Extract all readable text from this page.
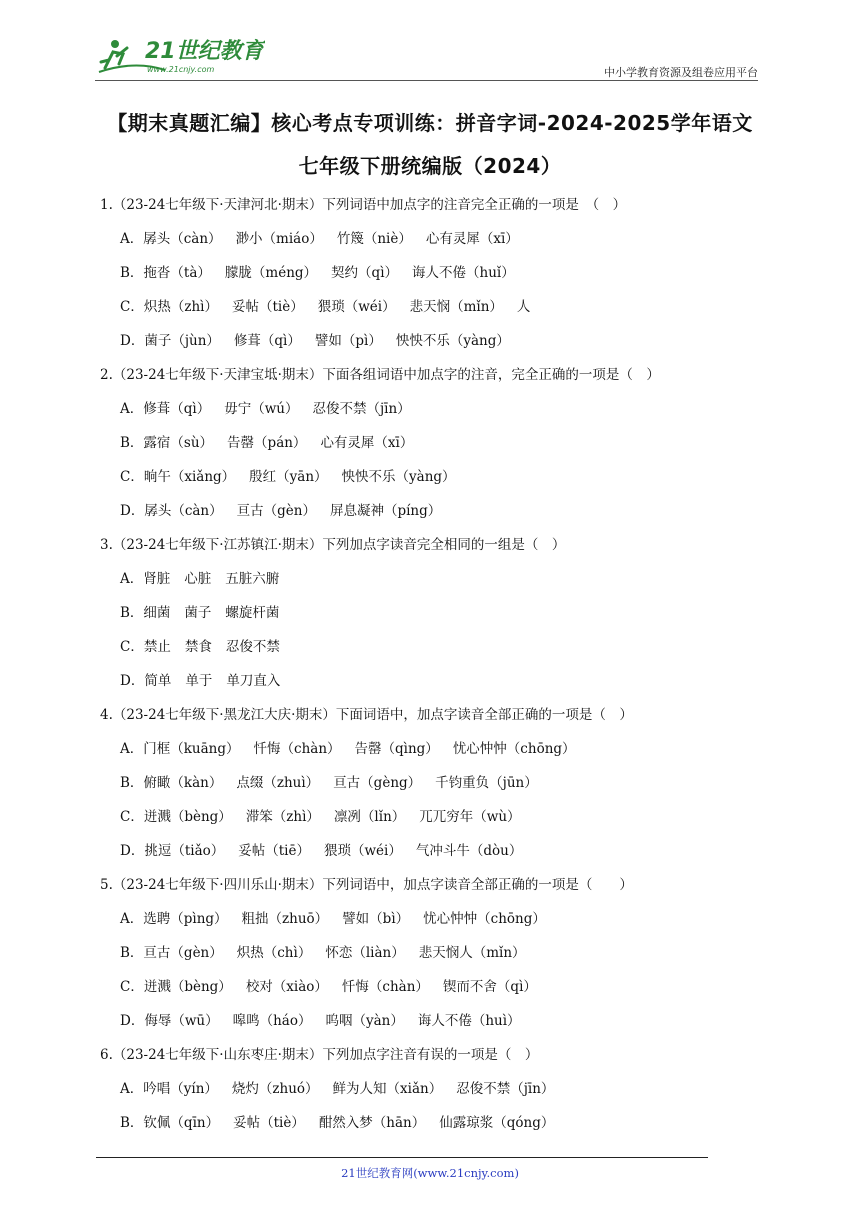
21世纪教育
www.21cnjy.com	中小学教育资源及组卷应用平台
【期末真题汇编】核心考点专项训练：拼音字词-2024-2025学年语文
七年级下册统编版（2024）
1.（23-24七年级下·天津河北·期末）下列词语中加点字的注音完全正确的一项是　（　）
A．孱头（càn） 渺小（miáo） 竹篾（niè） 心有灵犀（xī）
B．拖沓（tà） 朦胧（méng） 契约（qì） 诲人不倦（huǐ）
C．炽热（zhì） 妥帖（tiè） 猥琐（wéi） 悲天悯（mǐn） 人
D．菌子（jùn） 修葺（qì） 譬如（pì） 怏怏不乐（yàng）
2.（23-24七年级下·天津宝坻·期末）下面各组词语中加点字的注音，完全正确的一项是（　）
A．修葺（qì） 毋宁（wú） 忍俊不禁（jīn）
B．露宿（sù） 告罄（pán） 心有灵犀（xī）
C．晌午（xiǎng） 殷红（yān） 怏怏不乐（yàng）
D．孱头（càn） 亘古（gèn） 屏息凝神（píng）
3.（23-24七年级下·江苏镇江·期末）下列加点字读音完全相同的一组是（　）
A．肾脏 心脏 五脏六腑
B．细菌 菌子 螺旋杆菌
C．禁止 禁食 忍俊不禁
D．简单 单于 单刀直入
4.（23-24七年级下·黑龙江大庆·期末）下面词语中，加点字读音全部正确的一项是（　）
A．门框（kuāng） 忏悔（chàn） 告罄（qìng） 忧心忡忡（chōng）
B．俯瞰（kàn） 点缀（zhuì） 亘古（gèng） 千钧重负（jūn）
C．迸溅（bèng） 滞笨（zhì） 凛冽（lǐn） 兀兀穷年（wù）
D．挑逗（tiǎo） 妥帖（tiē） 猥琐（wéi） 气冲斗牛（dòu）
5.（23-24七年级下·四川乐山·期末）下列词语中，加点字读音全部正确的一项是（　　）
A．选聘（pìng） 粗拙（zhuō） 譬如（bì） 忧心忡忡（chōng）
B．亘古（gèn） 炽热（chì） 怀恋（liàn） 悲天悯人（mǐn）
C．迸溅（bèng） 校对（xiào） 忏悔（chàn） 锲而不舍（qì）
D．侮辱（wū） 嗥鸣（háo） 呜咽（yàn） 诲人不倦（huì）
6.（23-24七年级下·山东枣庄·期末）下列加点字注音有误的一项是（　）
A．吟唱（yín） 烧灼（zhuó） 鲜为人知（xiǎn） 忍俊不禁（jīn）
B．钦佩（qīn） 妥帖（tiè） 酣然入梦（hān） 仙露琼浆（qóng）
21世纪教育网(www.21cnjy.com)
